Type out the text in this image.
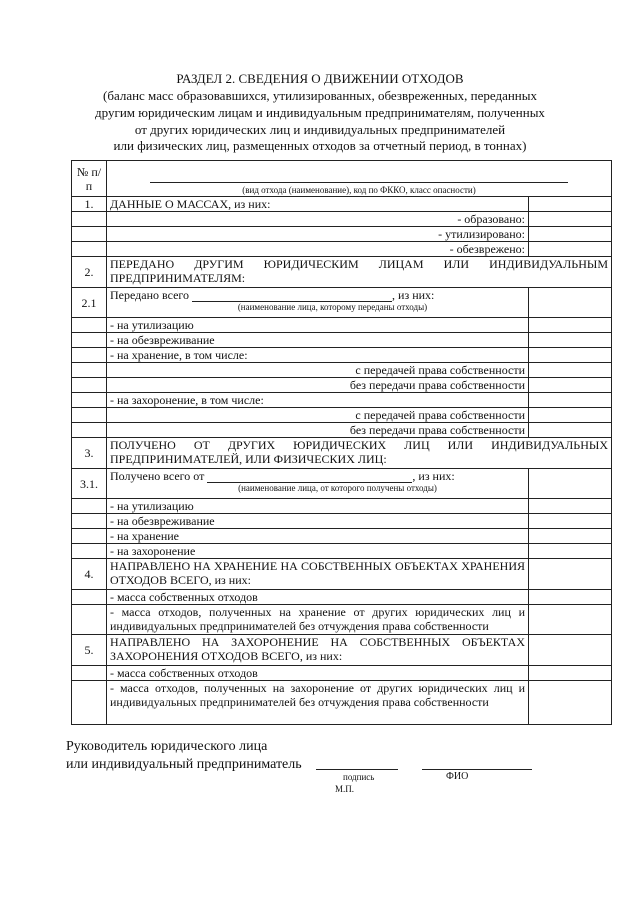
РАЗДЕЛ 2. СВЕДЕНИЯ О ДВИЖЕНИИ ОТХОДОВ
(баланс масс образовавшихся, утилизированных, обезвреженных, переданных
другим юридическим лицам и индивидуальным предпринимателям, полученных
от других юридических лиц и индивидуальных предпринимателей
или физических лиц, размещенных отходов за отчетный период, в тоннах)
№ п/п	(вид отхода (наименование), код по ФККО, класс опасности)	

1.	ДАННЫЕ О МАССАХ, из них:	
	- образовано:	
	- утилизировано:	
	- обезврежено:	
2.	ПЕРЕДАНО ДРУГИМ ЮРИДИЧЕСКИМ ЛИЦАМ ИЛИ ИНДИВИДУАЛЬНЫМ ПРЕДПРИНИМАТЕЛЯМ:	
2.1	Передано всего , из них:
(наименование лица, которому переданы отходы)	

	- на утилизацию	
	- на обезвреживание	
	- на хранение, в том числе:	
	с передачей права собственности	
	без передачи права собственности	
	- на захоронение, в том числе:	
	с передачей права собственности	
	без передачи права собственности	
3.	ПОЛУЧЕНО ОТ ДРУГИХ ЮРИДИЧЕСКИХ ЛИЦ ИЛИ ИНДИВИДУАЛЬНЫХ ПРЕДПРИНИМАТЕЛЕЙ, ИЛИ ФИЗИЧЕСКИХ ЛИЦ:	
3.1.	Получено всего от , из них:
(наименование лица, от которого получены отходы)	

	- на утилизацию	
	- на обезвреживание	
	- на хранение	
	- на захоронение	
4.	НАПРАВЛЕНО НА ХРАНЕНИЕ НА СОБСТВЕННЫХ ОБЪЕКТАХ ХРАНЕНИЯ ОТХОДОВ ВСЕГО, из них:	
	- масса собственных отходов	
	- масса отходов, полученных на хранение от других юридических лиц и индивидуальных предпринимателей без отчуждения права собственности	
5.	НАПРАВЛЕНО НА ЗАХОРОНЕНИЕ НА СОБСТВЕННЫХ ОБЪЕКТАХ ЗАХОРОНЕНИЯ ОТХОДОВ ВСЕГО, из них:	
	- масса собственных отходов	
	- масса отходов, полученных на захоронение от других юридических лиц и индивидуальных предпринимателей без отчуждения права собственности	
Руководитель юридического лица
или индивидуальный предприниматель
подпись	ФИО
М.П.
